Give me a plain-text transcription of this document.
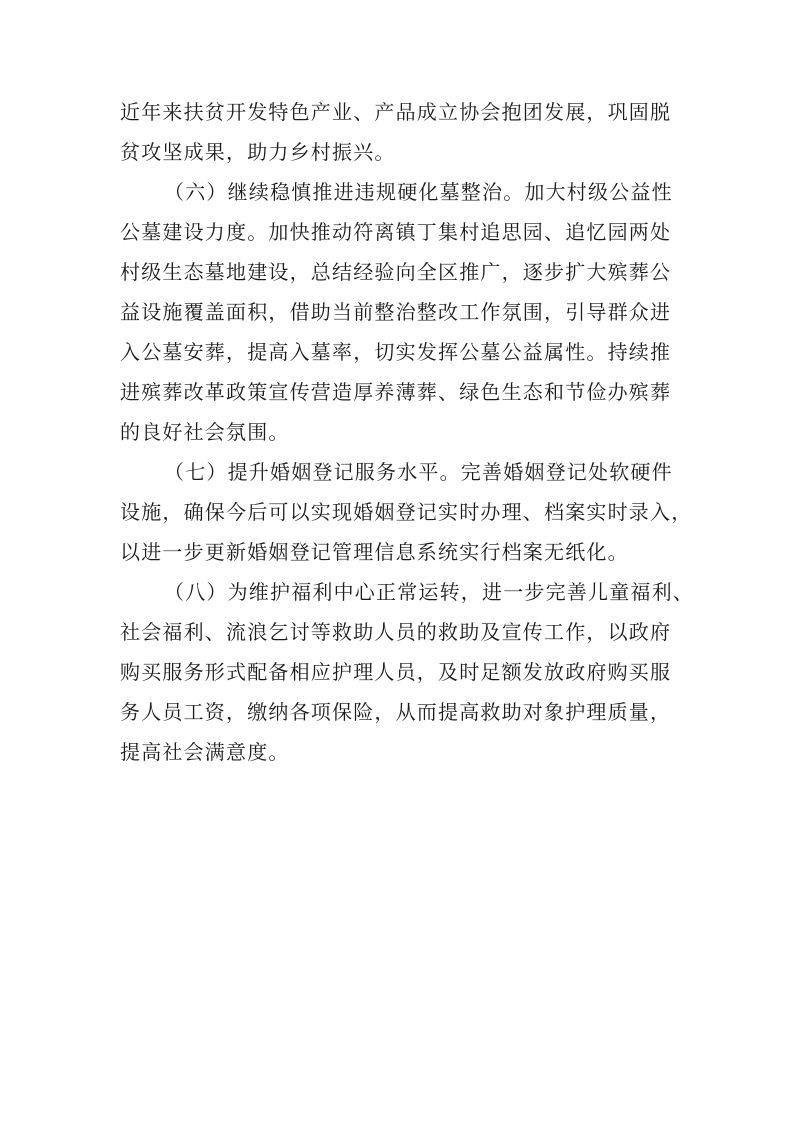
近年来扶贫开发特色产业、产品成立协会抱团发展，巩固脱
贫攻坚成果，助力乡村振兴。
（六）继续稳慎推进违规硬化墓整治。加大村级公益性
公墓建设力度。加快推动符离镇丁集村追思园、追忆园两处
村级生态墓地建设，总结经验向全区推广，逐步扩大殡葬公
益设施覆盖面积，借助当前整治整改工作氛围，引导群众进
入公墓安葬，提高入墓率，切实发挥公墓公益属性。持续推
进殡葬改革政策宣传营造厚养薄葬、绿色生态和节俭办殡葬
的良好社会氛围。
（七）提升婚姻登记服务水平。完善婚姻登记处软硬件
设施，确保今后可以实现婚姻登记实时办理、档案实时录入，
以进一步更新婚姻登记管理信息系统实行档案无纸化。
（八）为维护福利中心正常运转，进一步完善儿童福利、
社会福利、流浪乞讨等救助人员的救助及宣传工作，以政府
购买服务形式配备相应护理人员，及时足额发放政府购买服
务人员工资，缴纳各项保险，从而提高救助对象护理质量，
提高社会满意度。
